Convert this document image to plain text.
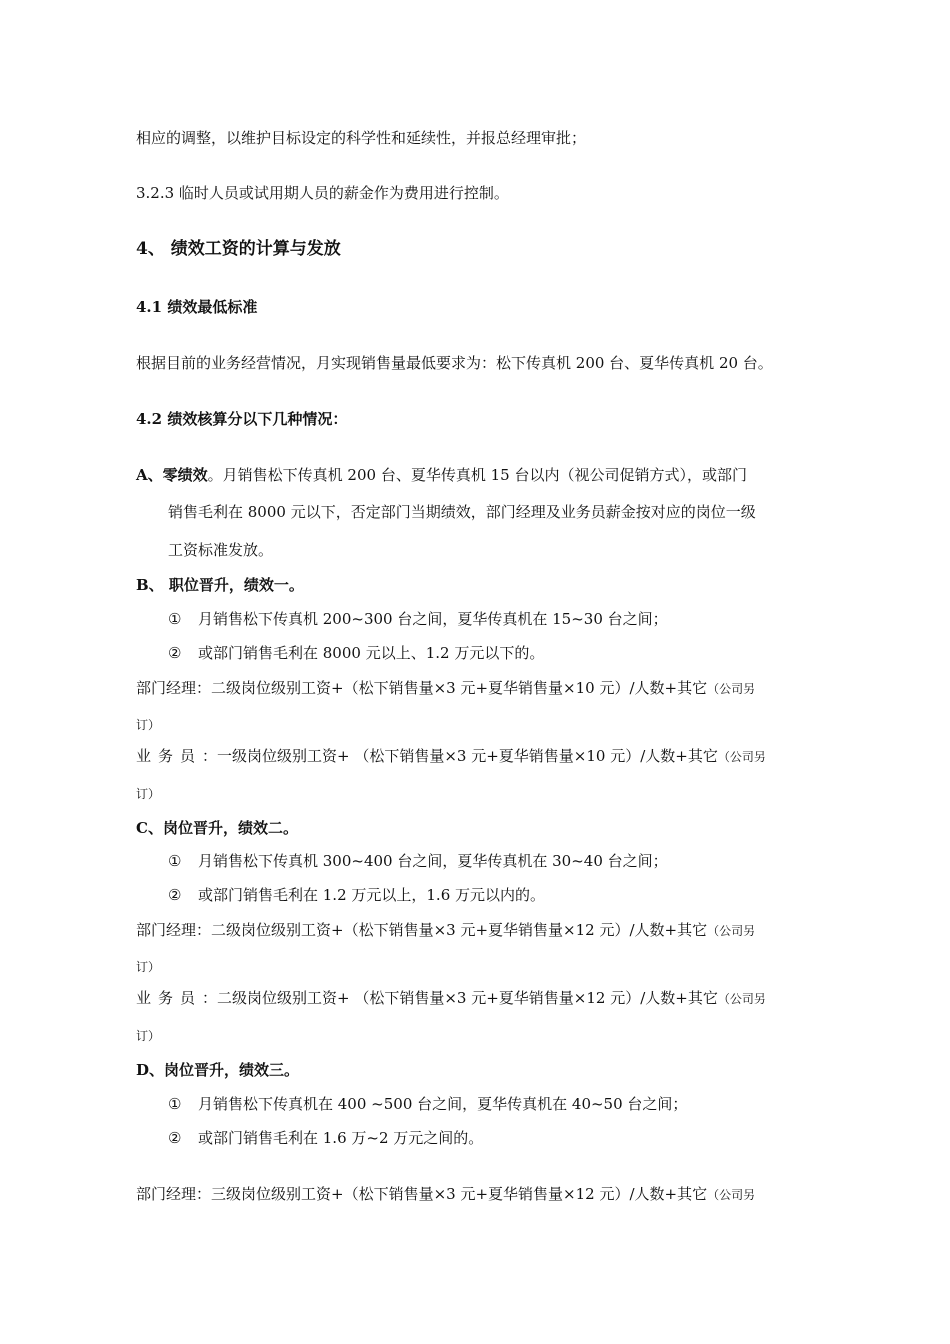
相应的调整，以维护目标设定的科学性和延续性，并报总经理审批；
3.2.3 临时人员或试用期人员的薪金作为费用进行控制。
4、 绩效工资的计算与发放
4.1 绩效最低标准
根据目前的业务经营情况，月实现销售量最低要求为：松下传真机 200 台、夏华传真机 20 台。
4.2 绩效核算分以下几种情况：
A、零绩效。月销售松下传真机 200 台、夏华传真机 15 台以内（视公司促销方式），或部门
销售毛利在 8000 元以下，否定部门当期绩效，部门经理及业务员薪金按对应的岗位一级
工资标准发放。
B、 职位晋升，绩效一。
① 月销售松下传真机 200~300 台之间，夏华传真机在 15~30 台之间；
② 或部门销售毛利在 8000 元以上、1.2 万元以下的。
部门经理：二级岗位级别工资+（松下销售量×3 元+夏华销售量×10 元）/人数+其它（公司另
订）
业务员：一级岗位级别工资+ （松下销售量×3 元+夏华销售量×10 元）/人数+其它（公司另
订）
C、岗位晋升，绩效二。
① 月销售松下传真机 300~400 台之间，夏华传真机在 30~40 台之间；
② 或部门销售毛利在 1.2 万元以上，1.6 万元以内的。
部门经理：二级岗位级别工资+（松下销售量×3 元+夏华销售量×12 元）/人数+其它（公司另
订）
业务员：二级岗位级别工资+ （松下销售量×3 元+夏华销售量×12 元）/人数+其它（公司另
订）
D、岗位晋升，绩效三。
① 月销售松下传真机在 400 ~500 台之间，夏华传真机在 40~50 台之间；
② 或部门销售毛利在 1.6 万~2 万元之间的。
部门经理：三级岗位级别工资+（松下销售量×3 元+夏华销售量×12 元）/人数+其它（公司另
